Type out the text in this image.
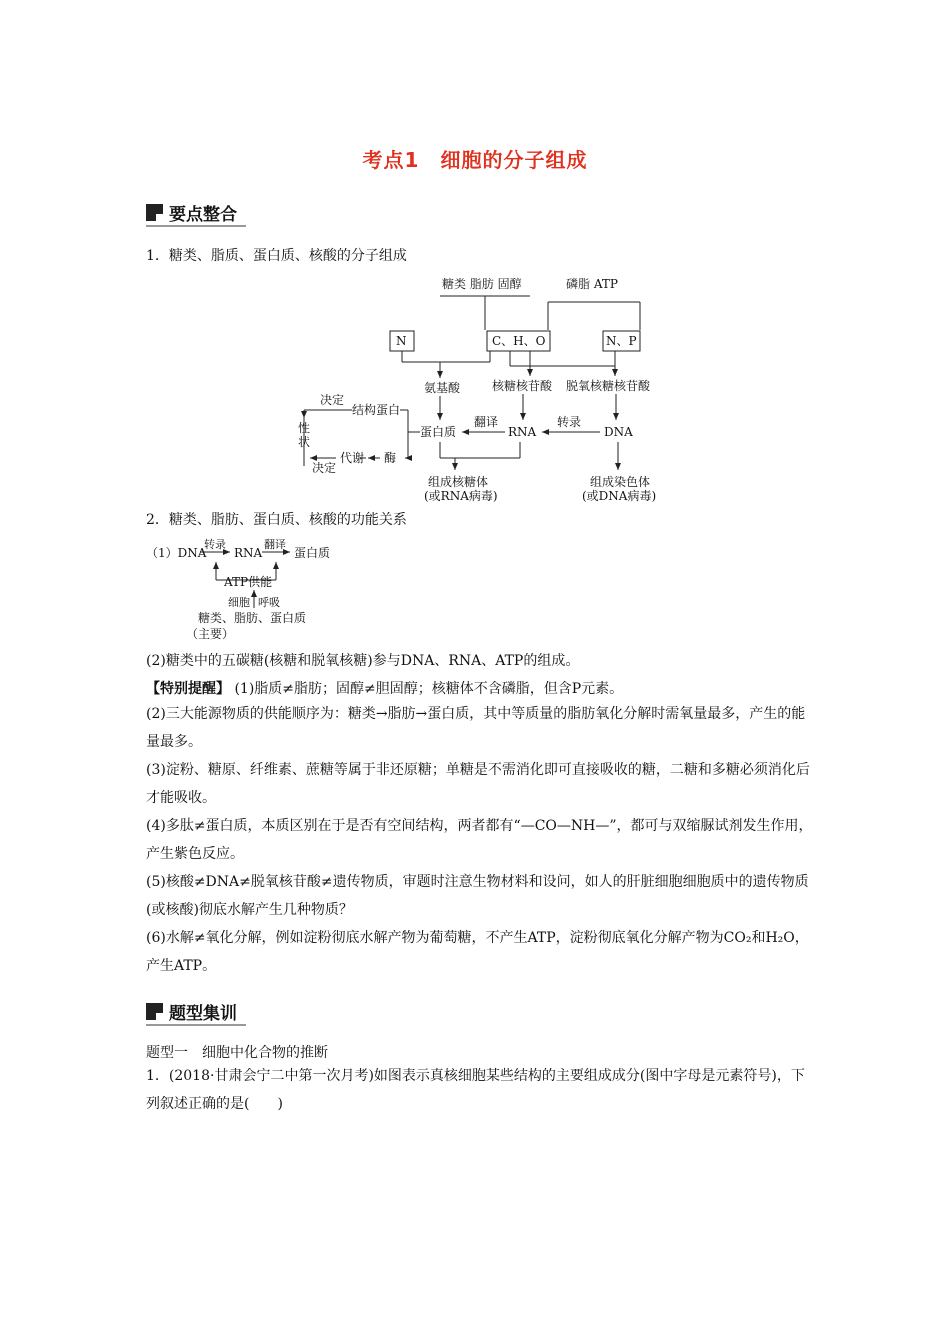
考点1　细胞的分子组成
要点整合
1．糖类、脂质、蛋白质、核酸的分子组成
糖类 脂肪 固醇	磷脂 ATP
N	C、H、O	N、P
氨基酸	核糖核苷酸 脱氧核糖核苷酸
决定
结构蛋白
性
状
蛋白质
翻译
RNA
转录
DNA
代谢 酶
决定
组成核糖体
(或RNA病毒)
组成染色体
(或DNA病毒)
2．糖类、脂肪、蛋白质、核酸的功能关系
（1）DNA
转录
RNA
翻译
蛋白质
ATP供能
细胞 呼吸
糖类、脂肪、蛋白质
（主要）
(2)糖类中的五碳糖(核糖和脱氧核糖)参与DNA、RNA、ATP的组成。
【特别提醒】 (1)脂质≠脂肪；固醇≠胆固醇；核糖体不含磷脂，但含P元素。
(2)三大能源物质的供能顺序为：糖类→脂肪→蛋白质，其中等质量的脂肪氧化分解时需氧量最多，产生的能量最多。
(3)淀粉、糖原、纤维素、蔗糖等属于非还原糖；单糖是不需消化即可直接吸收的糖，二糖和多糖必须消化后才能吸收。
(4)多肽≠蛋白质，本质区别在于是否有空间结构，两者都有“—CO—NH—”，都可与双缩脲试剂发生作用，产生紫色反应。
(5)核酸≠DNA≠脱氧核苷酸≠遗传物质，审题时注意生物材料和设问，如人的肝脏细胞细胞质中的遗传物质(或核酸)彻底水解产生几种物质？
(6)水解≠氧化分解，例如淀粉彻底水解产物为葡萄糖，不产生ATP，淀粉彻底氧化分解产物为CO₂和H₂O，产生ATP。
题型集训
题型一　细胞中化合物的推断
1．(2018·甘肃会宁二中第一次月考)如图表示真核细胞某些结构的主要组成成分(图中字母是元素符号)，下列叙述正确的是(　　)
